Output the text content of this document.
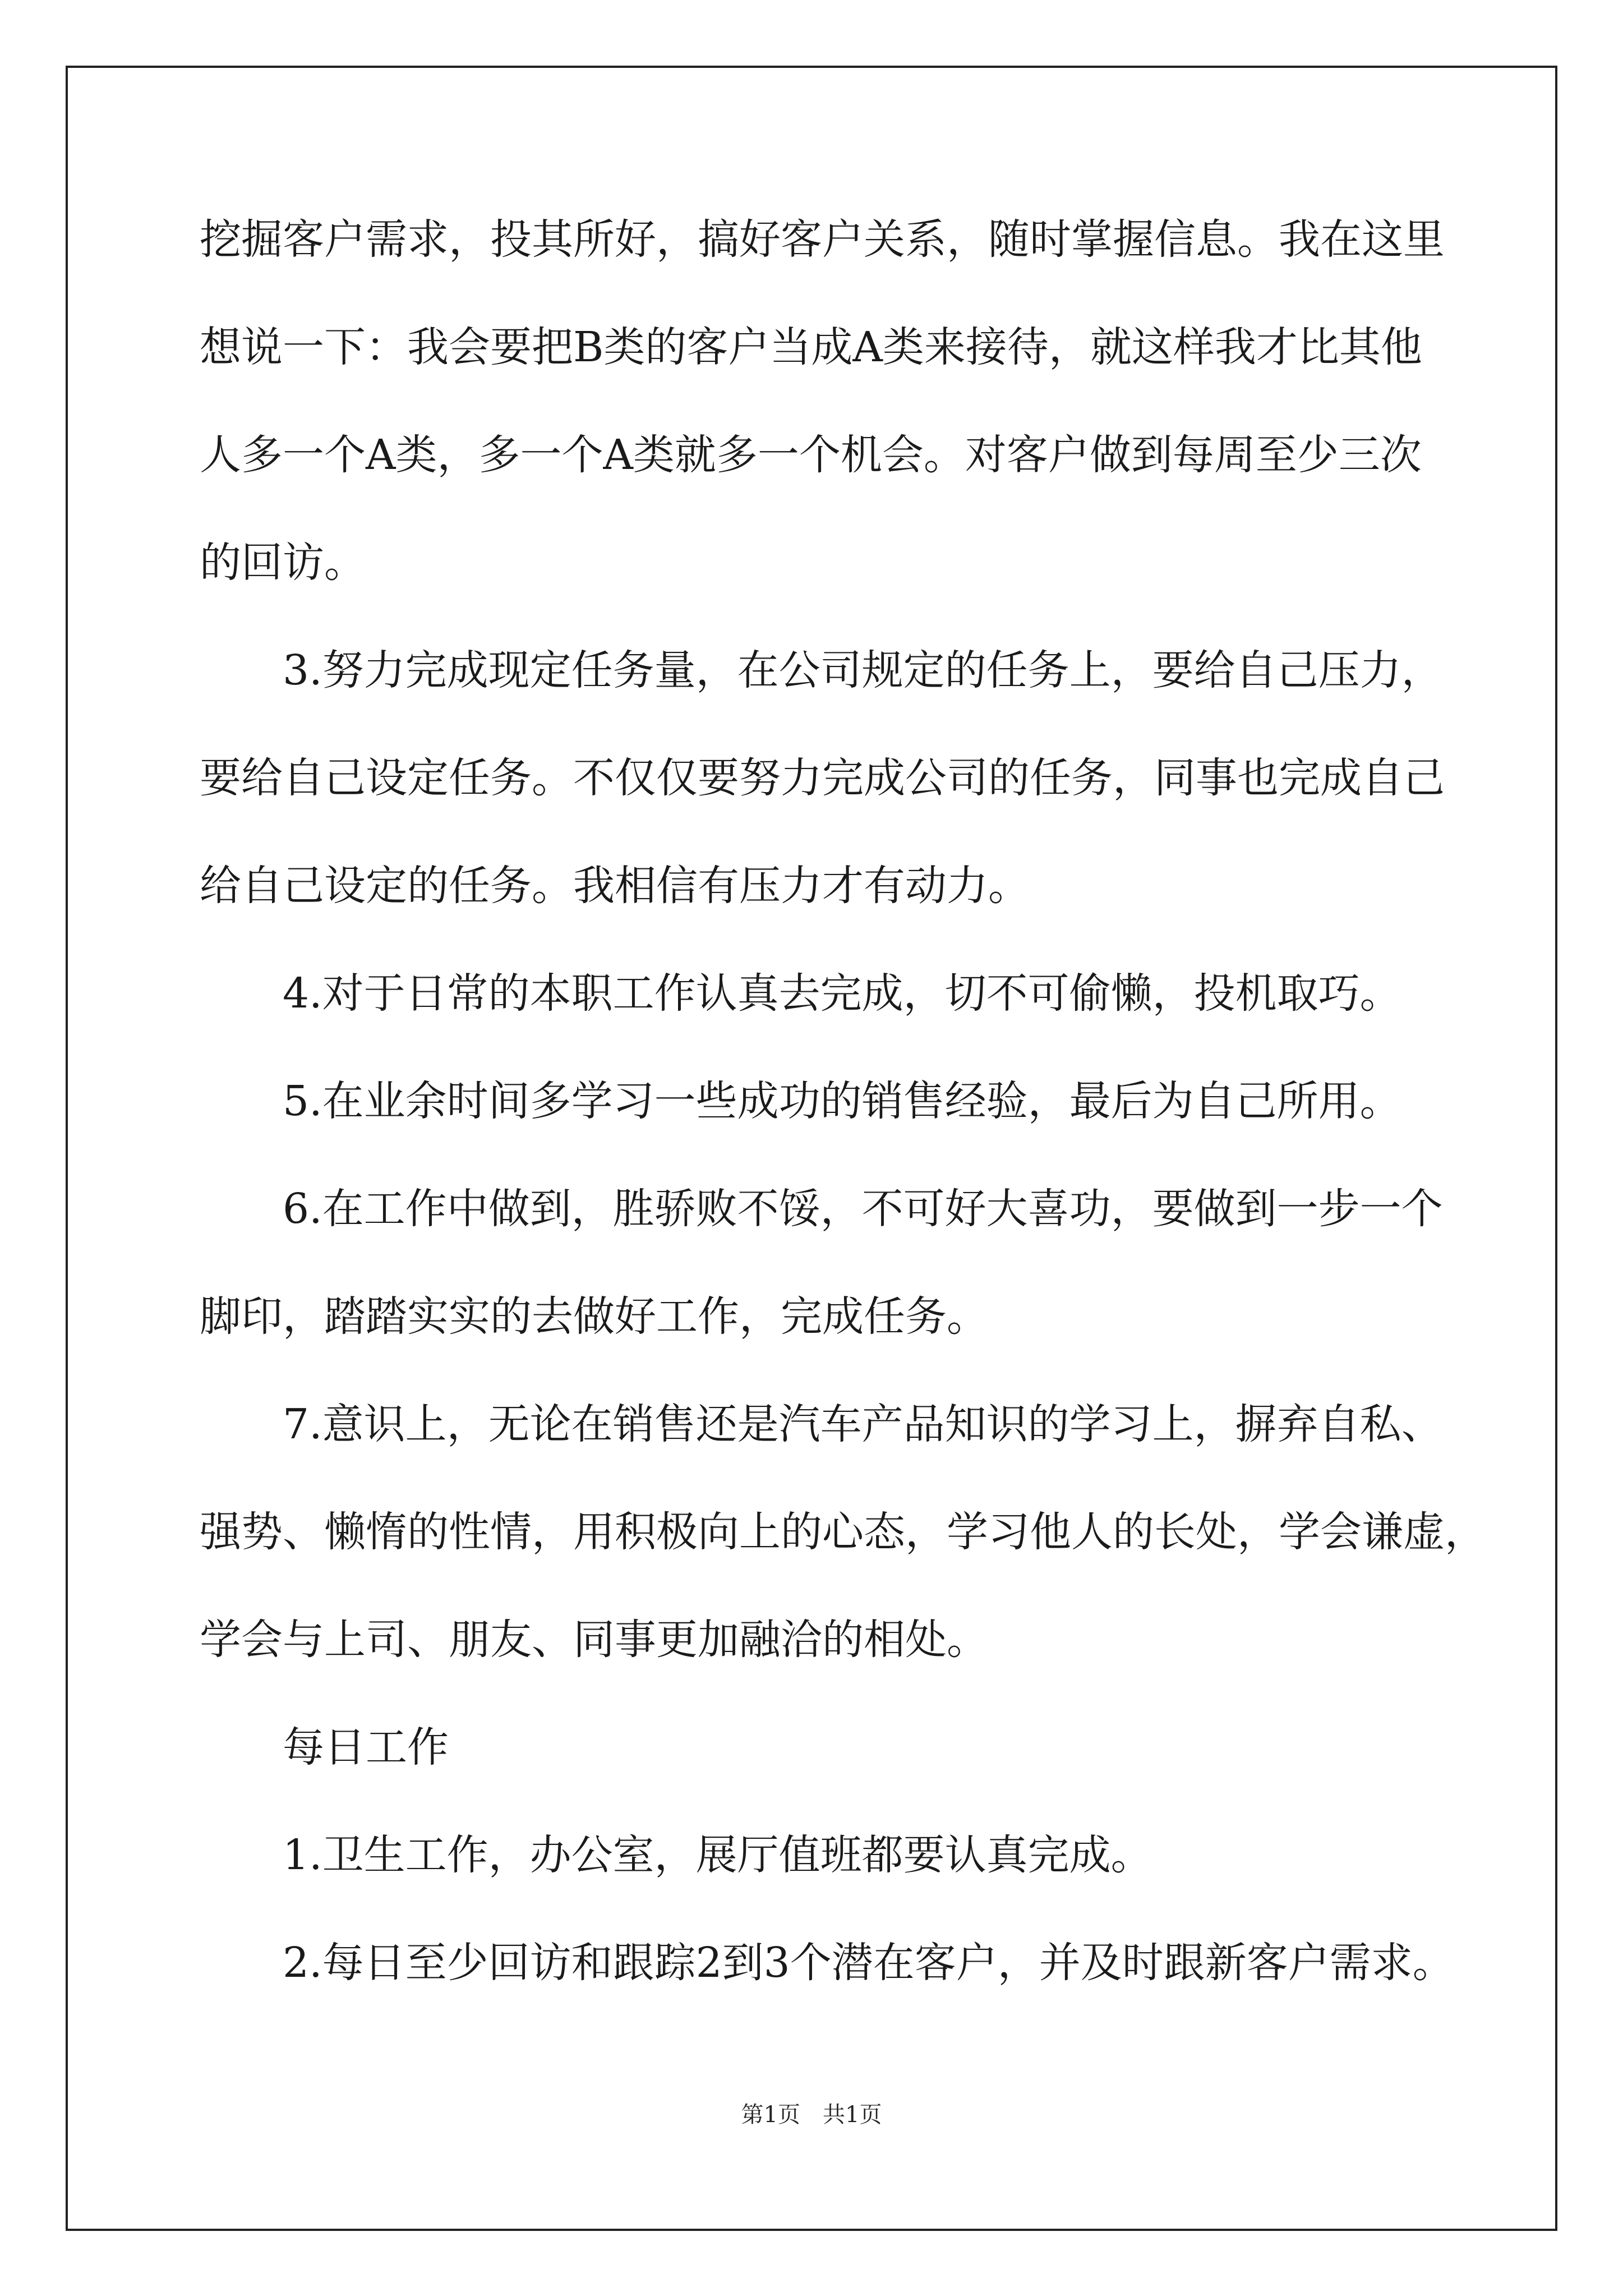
挖掘客户需求，投其所好，搞好客户关系，随时掌握信息。我在这里
想说一下：我会要把B类的客户当成A类来接待，就这样我才比其他
人多一个A类，多一个A类就多一个机会。对客户做到每周至少三次
的回访。
3.努力完成现定任务量，在公司规定的任务上，要给自己压力，
要给自己设定任务。不仅仅要努力完成公司的任务，同事也完成自己
给自己设定的任务。我相信有压力才有动力。
4.对于日常的本职工作认真去完成，切不可偷懒，投机取巧。
5.在业余时间多学习一些成功的销售经验，最后为自己所用。
6.在工作中做到，胜骄败不馁，不可好大喜功，要做到一步一个
脚印，踏踏实实的去做好工作，完成任务。
7.意识上，无论在销售还是汽车产品知识的学习上，摒弃自私、
强势、懒惰的性情，用积极向上的心态，学习他人的长处，学会谦虚，
学会与上司、朋友、同事更加融洽的相处。
每日工作
1.卫生工作，办公室，展厅值班都要认真完成。
2.每日至少回访和跟踪2到3个潜在客户，并及时跟新客户需求。
第1页　共1页
